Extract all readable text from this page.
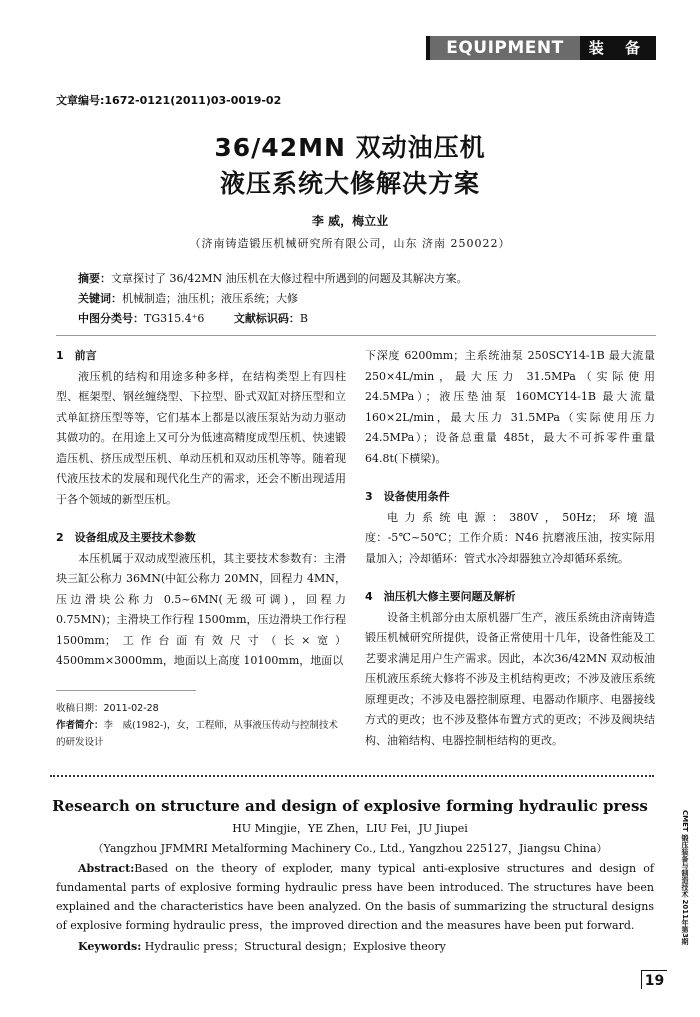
EQUIPMENT	装 备
文章编号:1672-0121(2011)03-0019-02
36/42MN 双动油压机
液压系统大修解决方案
李 威，梅立业
（济南铸造锻压机械研究所有限公司，山东 济南 250022）
摘要：文章探讨了 36/42MN 油压机在大修过程中所遇到的问题及其解决方案。
关键词：机械制造；油压机；液压系统；大修
中图分类号：TG315.4⁺6	文献标识码：B

1　前言

液压机的结构和用途多种多样，在结构类型上有四柱型、框架型、钢丝缠绕型、下拉型、卧式双缸对挤压型和立式单缸挤压型等等，它们基本上都是以液压泵站为动力驱动其做功的。在用途上又可分为低速高精度成型压机、快速锻造压机、挤压成型压机、单动压机和双动压机等等。随着现代液压技术的发展和现代化生产的需求，还会不断出现适用于各个领域的新型压机。

2　设备组成及主要技术参数

本压机属于双动成型液压机，其主要技术参数有：主滑块三缸公称力 36MN(中缸公称力 20MN，回程力 4MN，压边滑块公称力 0.5~6MN(无级可调)，回程力 0.75MN)；主滑块工作行程 1500mm，压边滑块工作行程 1500mm；工作台面有效尺寸（长×宽）4500mm×3000mm，地面以上高度 10100mm，地面以

收稿日期：2011-02-28
作者简介：李　威(1982-)，女，工程师，从事液压传动与控制技术的研发设计

下深度 6200mm；主系统油泵 250SCY14-1B 最大流量 250×4L/min，最大压力 31.5MPa（实际使用 24.5MPa）；液压垫油泵 160MCY14-1B 最大流量 160×2L/min，最大压力 31.5MPa（实际使用压力 24.5MPa）；设备总重量 485t，最大不可拆零件重量 64.8t(下横梁)。

3　设备使用条件

电力系统电源：380V，50Hz；环境温度：-5℃~50℃；工作介质：N46 抗磨液压油，按实际用量加入；冷却循环：管式水冷却器独立冷却循环系统。

4　油压机大修主要问题及解析

设备主机部分由太原机器厂生产，液压系统由济南铸造锻压机械研究所提供，设备正常使用十几年，设备性能及工艺要求满足用户生产需求。因此，本次36/42MN 双动板油压机液压系统大修将不涉及主机结构更改；不涉及液压系统原理更改；不涉及电器控制原理、电器动作顺序、电器接线方式的更改；也不涉及整体布置方式的更改；不涉及阀块结构、油箱结构、电器控制柜结构的更改。

Research on structure and design of explosive forming hydraulic press
HU Mingjie，YE Zhen，LIU Fei，JU Jiupei
（Yangzhou JFMMRI Metalforming Machinery Co., Ltd., Yangzhou 225127，Jiangsu China）
Abstract:Based on the theory of exploder, many typical anti-explosive structures and design of fundamental parts of explosive forming hydraulic press have been introduced. The structures have been explained and the characteristics have been analyzed. On the basis of summarizing the structural designs of explosive forming hydraulic press，the improved direction and the measures have been put forward.
Keywords: Hydraulic press；Structural design；Explosive theory
CMET 锻压装备与制造技术 2011年第3期
19
